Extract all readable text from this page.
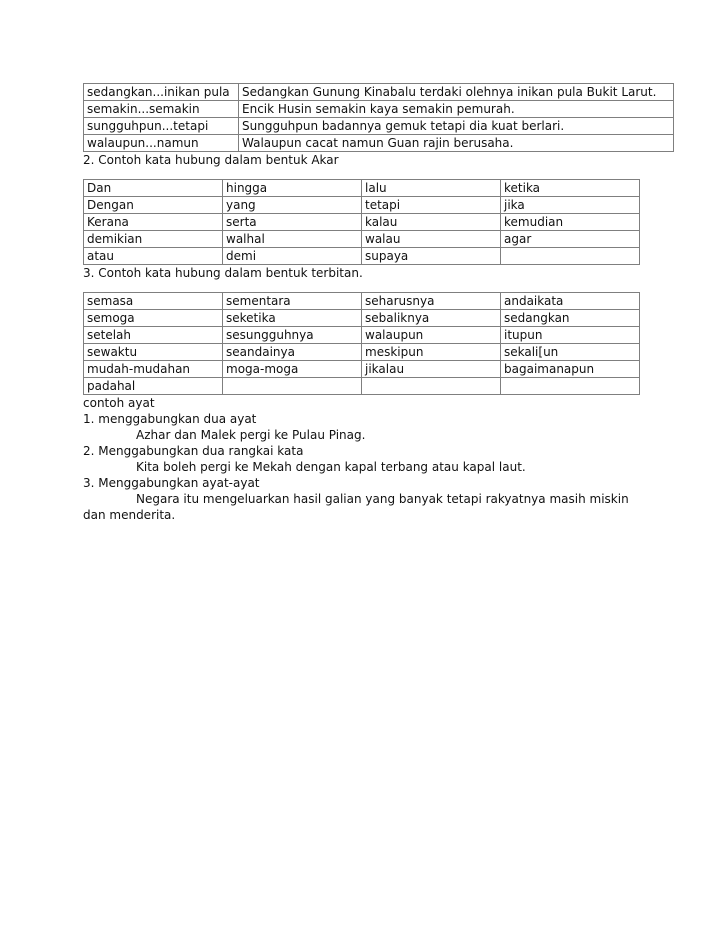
sedangkan...inikan pula	Sedangkan Gunung Kinabalu terdaki olehnya inikan pula Bukit Larut.
semakin...semakin	Encik Husin semakin kaya semakin pemurah.
sungguhpun...tetapi	Sungguhpun badannya gemuk tetapi dia kuat berlari.
walaupun...namun	Walaupun cacat namun Guan rajin berusaha.
2. Contoh kata hubung dalam bentuk Akar
Dan	hingga	lalu	ketika
Dengan	yang	tetapi	jika
Kerana	serta	kalau	kemudian
demikian	walhal	walau	agar
atau	demi	supaya	
3. Contoh kata hubung dalam bentuk terbitan.
semasa	sementara	seharusnya	andaikata
semoga	seketika	sebaliknya	sedangkan
setelah	sesungguhnya	walaupun	itupun
sewaktu	seandainya	meskipun	sekali[un
mudah-mudahan	moga-moga	jikalau	bagaimanapun
padahal			
contoh ayat
1. menggabungkan dua ayat
Azhar dan Malek pergi ke Pulau Pinag.
2. Menggabungkan dua rangkai kata
Kita boleh pergi ke Mekah dengan kapal terbang atau kapal laut.
3. Menggabungkan ayat-ayat
Negara itu mengeluarkan hasil galian yang banyak tetapi rakyatnya masih miskin
dan menderita.
